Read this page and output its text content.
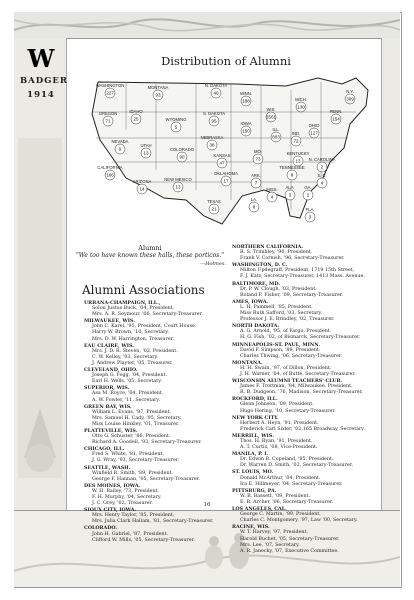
W
BADGER
1914
Distribution of Alumni
WASHINGTON
227
MONTANA
93
N. DAKOTA
40	MINN.
188
WIS.
3561
MICH.
130
OREGON
71
IDAHO
25	WYOMING
5
S. DAKOTA
95	IOWA
150	ILL.
803
IND.
72
OHIO
127
PENN.
154
N.Y.
309
NEVADA
9
UTAH
13
COLORADO
90
NEBRASKA
38
KANSAS
47
MO.
73
KENTUCKY
13
CALIFORNIA
166
ARIZONA
14
NEW MEXICO
13
OKLAHOMA
17
ARK.
7
TENNESSEE
8
N. CAROLINA
2
S. C.
4
TEXAS
21
LA.
8
MISS.
4
ALA.
3
GA.
2
FLA.
3
Alumni
"We too have known these halls, these porticos."
—Holmes.
Alumni Associations
URBANA-CHAMPAIGN, ILL.,
Solon Justus Buck, '04, President.
Mrs. A. R. Seymour, '06, Secretary-Treasurer.
MILWAUKEE, WIS.
John C. Karel, '95, President, Court House.
Harry W. Brown, '10, Secretary.
Mrs. D. W. Harrington, Treasurer.
EAU CLAIRE, WIS.
Mrs. J. D. R. Steven, '02, President.
C. W. Kelley, '03, Secretary.
J. Andrew Playter, '05, Treasurer.
CLEVELAND, OHIO.
Joseph G. Fogg, '04, President.
Earl H. Wells, '05, Secretary.
SUPERIOR, WIS.
Asa M. Royce, '04, President.
A. W. Fowler, '11, Secretary.
GREEN BAY, WIS.
William L. Evans, '97, President.
Mrs. Samuel H. Cady, '95, Secretary.
Miss Louise Hinkley, '01, Treasurer.
PLATTEVILLE, WIS.
Otto G. Schuster, '86, President.
Richard A. Goodell, '93, Secretary-Treasurer.
CHICAGO, ILL.
Fred S. White, '81, President.
J. G. Wray, '93, Secretary-Treasurer.
SEATTLE, WASH.
Winfield R. Smith, '89, President.
George F. Hannan, '05, Secretary-Treasurer.
DES MOINES, IOWA.
W. H. Bailey, '73, President.
F. H. Murphy, '04, Secretary.
J. C. Grey, '02, Treasurer.
SIOUX CITY, IOWA.
Mrs. Henry Taylor, '85, President.
Mrs. Julia Clark Hallam, '81, Secretary-Treasurer.
COLORADO.
John H. Gabriel, '87, President.
Clifford W. Mills, '05, Secretary-Treasurer.
NORTHERN CALIFORNIA.
R. S. Trimbley, '90, President.
Frank V. Cornish, '96, Secretary-Treasurer.
WASHINGTON, D. C.
Milton Updegraff, President, 1719 15th Street,
F. J. Katz, Secretary-Treasurer, 1413 Mass. Avenue.
BALTIMORE, MD.
Dr. P. W. Clough, '03, President.
Roland F. Fisher, '09, Secretary-Treasurer.
AMES, IOWA.
L. H. Pammell, '85, President.
Miss Ruth Safford, '03, Secretary.
Professor J. E. Brindley, '02, Treasurer.
NORTH DAKOTA.
A. G. Arnold, '95, of Fargo, President.
H. G. Fish, '02, of Bismarck, Secretary-Treasurer.
MINNEAPOLIS-ST. PAUL, MINN.
David F. Simpson, '89, President.
Charles Thwing, '06, Secretary-Treasurer.
MONTANA.
H. H. Swain, '97, of Dillon, President.
J. H. Warner, '04, of Butte, Secretary-Treasurer.
WISCONSIN ALUMNI TEACHERS' CLUB.
James F. Trottman, '84, Milwaukee, President.
R. B. Dudgeon, '76, Madison, Secretary-Treasurer.
ROCKFORD, ILL.
Glenn Johnson, '09, President.
Hugo Hering, '10, Secretary-Treasurer.
NEW YORK CITY.
Herbert A. Heyn, '91, President.
Frederick Carl Sixler, '02,165 Broadway, Secretary.
MERRILL, WIS.
Thos. H. Ryan, '91, President.
A. T. Curtis, '08, Vice-President.
MANILA, P. I.
Dr. Edwin B. Copeland, '95, President.
Dr. Warren D. Smith, '02, Secretary-Treasurer.
ST. LOUIS, MO.
Donald McArthur, '04, President.
Ira E. Hillmeyer, '04, Secretary-Treasurer.
PITTSBURG, PA.
W. B. Bassett, '09, President.
E. B. Archer, '06, Secretary-Treasurer.
LOS ANGELES, CAL.
George C. Martin, '99, President.
Charles C. Montgomery, '97, Law '00, Secretary.
RACINE, WIS.
W. T. Harvey, '97, President.
Harold Buchet, '05, Secretary-Treasurer.
Mrs. Lee, '07, Secretary.
A. R. Janecky, '07, Executive Committee.
16
